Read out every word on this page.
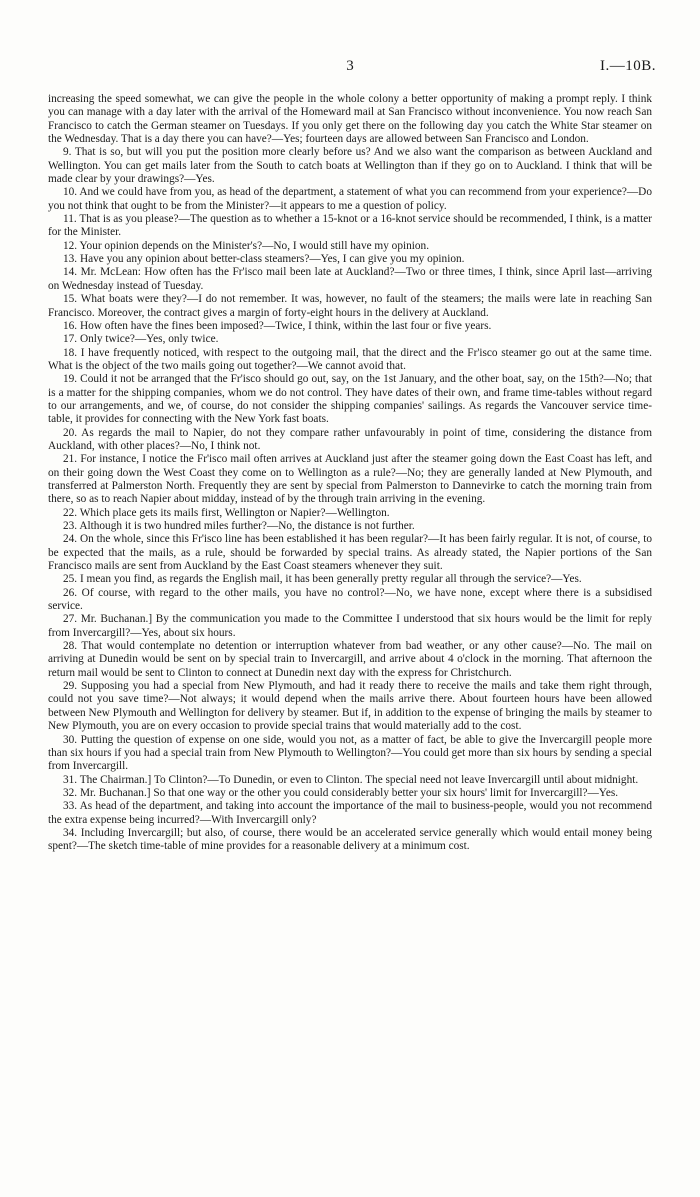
3	I.—10B.

increasing the speed somewhat, we can give the people in the whole colony a better opportunity of making a prompt reply. I think you can manage with a day later with the arrival of the Homeward mail at San Francisco without inconvenience. You now reach San Francisco to catch the German steamer on Tuesdays. If you only get there on the following day you catch the White Star steamer on the Wednesday. That is a day there you can have?—Yes; fourteen days are allowed between San Francisco and London.

9. That is so, but will you put the position more clearly before us? And we also want the comparison as between Auckland and Wellington. You can get mails later from the South to catch boats at Wellington than if they go on to Auckland. I think that will be made clear by your drawings?—Yes.

10. And we could have from you, as head of the department, a statement of what you can recommend from your experience?—Do you not think that ought to be from the Minister?—it appears to me a question of policy.

11. That is as you please?—The question as to whether a 15-knot or a 16-knot service should be recommended, I think, is a matter for the Minister.

12. Your opinion depends on the Minister's?—No, I would still have my opinion.

13. Have you any opinion about better-class steamers?—Yes, I can give you my opinion.

14. Mr. McLean: How often has the Fr'isco mail been late at Auckland?—Two or three times, I think, since April last—arriving on Wednesday instead of Tuesday.

15. What boats were they?—I do not remember. It was, however, no fault of the steamers; the mails were late in reaching San Francisco. Moreover, the contract gives a margin of forty-eight hours in the delivery at Auckland.

16. How often have the fines been imposed?—Twice, I think, within the last four or five years.

17. Only twice?—Yes, only twice.

18. I have frequently noticed, with respect to the outgoing mail, that the direct and the Fr'isco steamer go out at the same time. What is the object of the two mails going out together?—We cannot avoid that.

19. Could it not be arranged that the Fr'isco should go out, say, on the 1st January, and the other boat, say, on the 15th?—No; that is a matter for the shipping companies, whom we do not control. They have dates of their own, and frame time-tables without regard to our arrangements, and we, of course, do not consider the shipping companies' sailings. As regards the Vancouver service time-table, it provides for connecting with the New York fast boats.

20. As regards the mail to Napier, do not they compare rather unfavourably in point of time, considering the distance from Auckland, with other places?—No, I think not.

21. For instance, I notice the Fr'isco mail often arrives at Auckland just after the steamer going down the East Coast has left, and on their going down the West Coast they come on to Wellington as a rule?—No; they are generally landed at New Plymouth, and transferred at Palmerston North. Frequently they are sent by special from Palmerston to Dannevirke to catch the morning train from there, so as to reach Napier about midday, instead of by the through train arriving in the evening.

22. Which place gets its mails first, Wellington or Napier?—Wellington.

23. Although it is two hundred miles further?—No, the distance is not further.

24. On the whole, since this Fr'isco line has been established it has been regular?—It has been fairly regular. It is not, of course, to be expected that the mails, as a rule, should be forwarded by special trains. As already stated, the Napier portions of the San Francisco mails are sent from Auckland by the East Coast steamers whenever they suit.

25. I mean you find, as regards the English mail, it has been generally pretty regular all through the service?—Yes.

26. Of course, with regard to the other mails, you have no control?—No, we have none, except where there is a subsidised service.

27. Mr. Buchanan.] By the communication you made to the Committee I understood that six hours would be the limit for reply from Invercargill?—Yes, about six hours.

28. That would contemplate no detention or interruption whatever from bad weather, or any other cause?—No. The mail on arriving at Dunedin would be sent on by special train to Invercargill, and arrive about 4 o'clock in the morning. That afternoon the return mail would be sent to Clinton to connect at Dunedin next day with the express for Christchurch.

29. Supposing you had a special from New Plymouth, and had it ready there to receive the mails and take them right through, could not you save time?—Not always; it would depend when the mails arrive there. About fourteen hours have been allowed between New Plymouth and Wellington for delivery by steamer. But if, in addition to the expense of bringing the mails by steamer to New Plymouth, you are on every occasion to provide special trains that would materially add to the cost.

30. Putting the question of expense on one side, would you not, as a matter of fact, be able to give the Invercargill people more than six hours if you had a special train from New Plymouth to Wellington?—You could get more than six hours by sending a special from Invercargill.

31. The Chairman.] To Clinton?—To Dunedin, or even to Clinton. The special need not leave Invercargill until about midnight.

32. Mr. Buchanan.] So that one way or the other you could considerably better your six hours' limit for Invercargill?—Yes.

33. As head of the department, and taking into account the importance of the mail to business-people, would you not recommend the extra expense being incurred?—With Invercargill only?

34. Including Invercargill; but also, of course, there would be an accelerated service generally which would entail money being spent?—The sketch time-table of mine provides for a reasonable delivery at a minimum cost.
